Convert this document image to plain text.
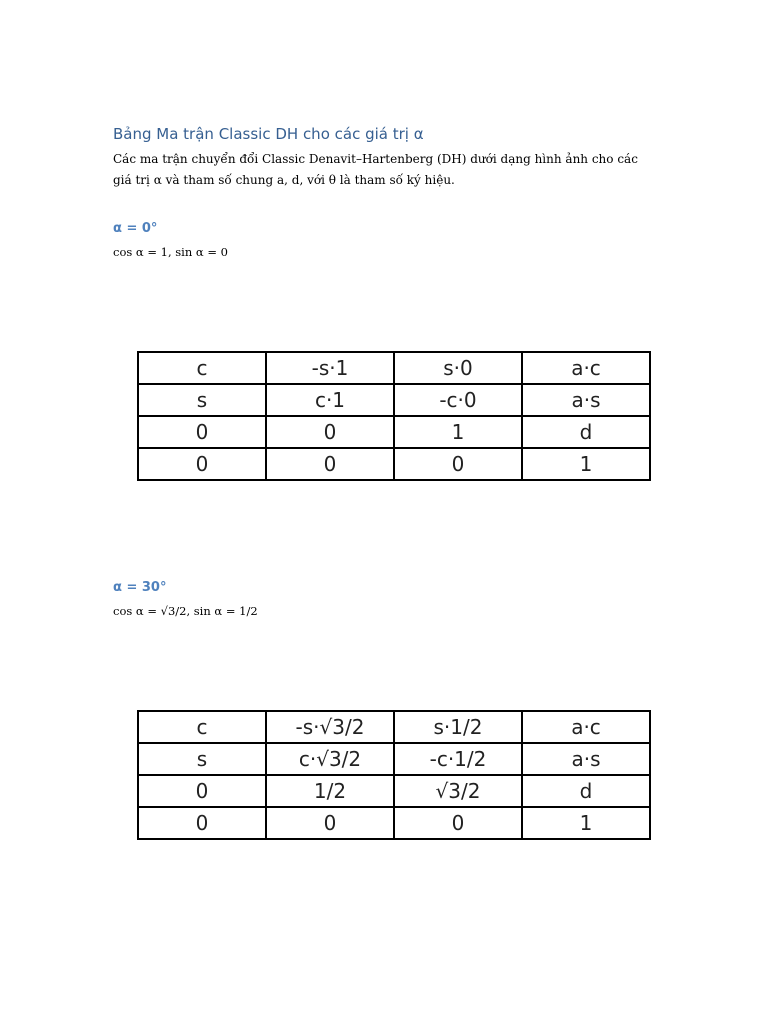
Bảng Ma trận Classic DH cho các giá trị α
Các ma trận chuyển đổi Classic Denavit–Hartenberg (DH) dưới dạng hình ảnh cho các giá trị α và tham số chung a, d, với θ là tham số ký hiệu.
α = 0°
cos α = 1, sin α = 0
c	-s·1	s·0	a·c
s	c·1	-c·0	a·s
0	0	1	d
0	0	0	1
α = 30°
cos α = √3/2, sin α = 1/2
c	-s·√3/2	s·1/2	a·c
s	c·√3/2	-c·1/2	a·s
0	1/2	√3/2	d
0	0	0	1
